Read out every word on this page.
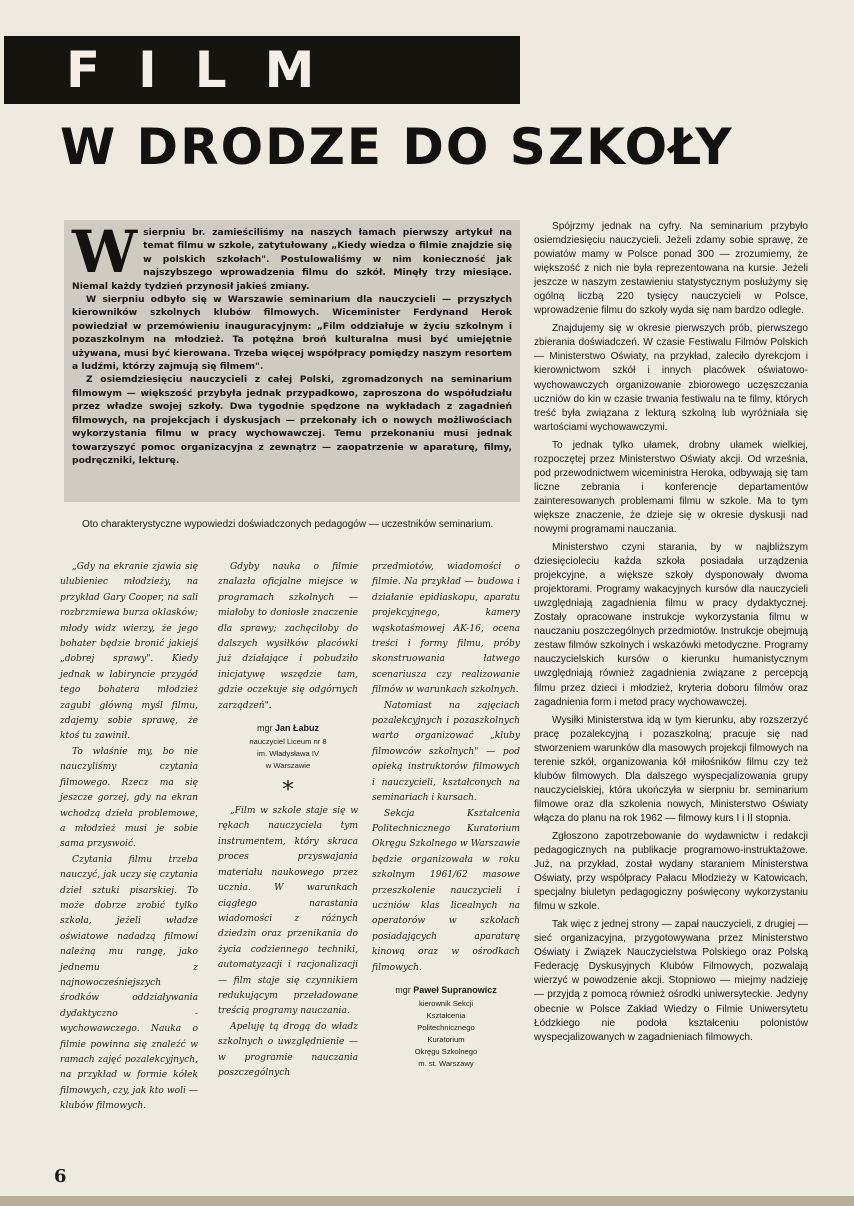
FILM
W DRODZE DO SZKOŁY

Wsierpniu br. zamieściliśmy na naszych łamach pierwszy artykuł na temat filmu w szkole, zatytułowany „Kiedy wiedza o filmie znajdzie się w polskich szkołach". Postulowaliśmy w nim konieczność jak najszybszego wprowadzenia filmu do szkół. Minęły trzy miesiące. Niemal każdy tydzień przynosił jakieś zmiany.

W sierpniu odbyło się w Warszawie seminarium dla nauczycieli — przyszłych kierowników szkolnych klubów filmowych. Wiceminister Ferdynand Herok powiedział w przemówieniu inauguracyjnym: „Film oddziałuje w życiu szkolnym i pozaszkolnym na młodzież. Ta potężna broń kulturalna musi być umiejętnie używana, musi być kierowana. Trzeba więcej współpracy pomiędzy naszym resortem a ludźmi, którzy zajmują się filmem".

Z osiemdziesięciu nauczycieli z całej Polski, zgromadzonych na seminarium filmowym — większość przybyła jednak przypadkowo, zaproszona do współudziału przez władze swojej szkoły. Dwa tygodnie spędzone na wykładach z zagadnień filmowych, na projekcjach i dyskusjach — przekonały ich o nowych możliwościach wykorzystania filmu w pracy wychowawczej. Temu przekonaniu musi jednak towarzyszyć pomoc organizacyjna z zewnątrz — zaopatrzenie w aparaturę, filmy, podręczniki, lekturę.

Oto charakterystyczne wypowiedzi doświadczonych pedagogów — uczestników seminarium.

„Gdy na ekranie zjawia się ulubieniec młodzieży, na przykład Gary Cooper, na sali rozbrzmiewa burza oklasków; młody widz wierzy, że jego bohater będzie bronić jakiejś „dobrej sprawy". Kiedy jednak w labiryncie przygód tego bohatera młodzież zagubi główną myśl filmu, zdajemy sobie sprawę, że ktoś tu zawinił.

To właśnie my, bo nie nauczyliśmy czytania filmowego. Rzecz ma się jeszcze gorzej, gdy na ekran wchodzą dzieła problemowe, a młodzież musi je sobie sama przyswoić.

Czytania filmu trzeba nauczyć, jak uczy się czytania dzieł sztuki pisarskiej. To może dobrze zrobić tylko szkoła, jeżeli władze oświatowe nadadzą filmowi należną mu rangę, jako jednemu z najnowocześniejszych środków oddziaływania dydaktyczno - wychowawczego. Nauka o filmie powinna się znaleźć w ramach zajęć pozalekcyjnych, na przykład w formie kółek filmowych, czy, jak kto woli — klubów filmowych.

Gdyby nauka o filmie znalazła oficjalne miejsce w programach szkolnych — miałoby to doniosłe znaczenie dla sprawy; zachęciłoby do dalszych wysiłków placówki już działające i pobudziło inicjatywę wszędzie tam, gdzie oczekuje się odgórnych zarządzeń".

mgr Jan Łabuz
nauczyciel Liceum nr 8
im. Władysława IV
w Warszawie

*

„Film w szkole staje się w rękach nauczyciela tym instrumentem, który skraca proces przyswajania materiału naukowego przez ucznia. W warunkach ciągłego narastania wiadomości z różnych dziedzin oraz przenikania do życia codziennego techniki, automatyzacji i racjonalizacji — film staje się czynnikiem redukującym przeładowane treścią programy nauczania.

Apeluję tą drogą do władz szkolnych o uwzględnienie — w programie nauczania poszczególnych

przedmiotów, wiadomości o filmie. Na przykład — budowa i działanie epidiaskopu, aparatu projekcyjnego, kamery wąskotaśmowej AK-16, ocena treści i formy filmu, próby skonstruowania łatwego scenariusza czy realizowanie filmów w warunkach szkolnych.

Natomiast na zajęciach pozalekcyjnych i pozaszkolnych warto organizować „kluby filmowców szkolnych" — pod opieką instruktorów filmowych i nauczycieli, kształconych na seminariach i kursach.

Sekcja Kształcenia Politechnicznego Kuratorium Okręgu Szkolnego w Warszawie będzie organizowała w roku szkolnym 1961/62 masowe przeszkolenie nauczycieli i uczniów klas licealnych na operatorów w szkołach posiadających aparaturę kinową oraz w ośrodkach filmowych.

mgr Paweł Supranowicz
kierownik Sekcji
Kształcenia
Politechnicznego
Kuratorium
Okręgu Szkolnego
m. st. Warszawy

Spójrzmy jednak na cyfry. Na seminarium przybyło osiemdziesięciu nauczycieli. Jeżeli zdamy sobie sprawę, że powiatów mamy w Polsce ponad 300 — zrozumiemy, że większość z nich nie była reprezentowana na kursie. Jeżeli jeszcze w naszym zestawieniu statystycznym posłużymy się ogólną liczbą 220 tysięcy nauczycieli w Polsce, wprowadzenie filmu do szkoły wyda się nam bardzo odległe.

Znajdujemy się w okresie pierwszych prób, pierwszego zbierania doświadczeń. W czasie Festiwalu Filmów Polskich — Ministerstwo Oświaty, na przykład, zaleciło dyrekcjom i kierownictwom szkół i innych placówek oświatowo-wychowawczych organizowanie zbiorowego uczęszczania uczniów do kin w czasie trwania festiwalu na te filmy, których treść była związana z lekturą szkolną lub wyróżniała się wartościami wychowawczymi.

To jednak tylko ułamek, drobny ułamek wielkiej, rozpoczętej przez Ministerstwo Oświaty akcji. Od września, pod przewodnictwem wiceministra Heroka, odbywają się tam liczne zebrania i konferencje departamentów zainteresowanych problemami filmu w szkole. Ma to tym większe znaczenie, że dzieje się w okresie dyskusji nad nowymi programami nauczania.

Ministerstwo czyni starania, by w najbliższym dziesięcioleciu każda szkoła posiadała urządzenia projekcyjne, a większe szkoły dysponowały dwoma projektorami. Programy wakacyjnych kursów dla nauczycieli uwzględniają zagadnienia filmu w pracy dydaktycznej. Zostały opracowane instrukcje wykorzystania filmu w nauczaniu poszczególnych przedmiotów. Instrukcje obejmują zestaw filmów szkolnych i wskazówki metodyczne. Programy nauczycielskich kursów o kierunku humanistycznym uwzględniają również zagadnienia związane z percepcją filmu przez dzieci i młodzież, kryteria doboru filmów oraz zagadnienia form i metod pracy wychowawczej.

Wysiłki Ministerstwa idą w tym kierunku, aby rozszerzyć pracę pozalekcyjną i pozaszkolną; pracuje się nad stworzeniem warunków dla masowych projekcji filmowych na terenie szkół, organizowania kół miłośników filmu czy też klubów filmowych. Dla dalszego wyspecjalizowania grupy nauczycielskiej, która ukończyła w sierpniu br. seminarium filmowe oraz dla szkolenia nowych, Ministerstwo Oświaty włącza do planu na rok 1962 — filmowy kurs I i II stopnia.

Zgłoszono zapotrzebowanie do wydawnictw i redakcji pedagogicznych na publikacje programowo-instruktażowe. Już, na przykład, został wydany staraniem Ministerstwa Oświaty, przy współpracy Pałacu Młodzieży w Katowicach, specjalny biuletyn pedagogiczny poświęcony wykorzystaniu filmu w szkole.

Tak więc z jednej strony — zapał nauczycieli, z drugiej — sieć organizacyjna, przygotowywana przez Ministerstwo Oświaty i Związek Nauczycielstwa Polskiego oraz Polską Federację Dyskusyjnych Klubów Filmowych, pozwalają wierzyć w powodzenie akcji. Stopniowo — miejmy nadzieję — przyjdą z pomocą również ośrodki uniwersyteckie. Jedyny obecnie w Polsce Zakład Wiedzy o Filmie Uniwersytetu Łódzkiego nie podoła kształceniu polonistów wyspecjalizowanych w zagadnieniach filmowych.

6
